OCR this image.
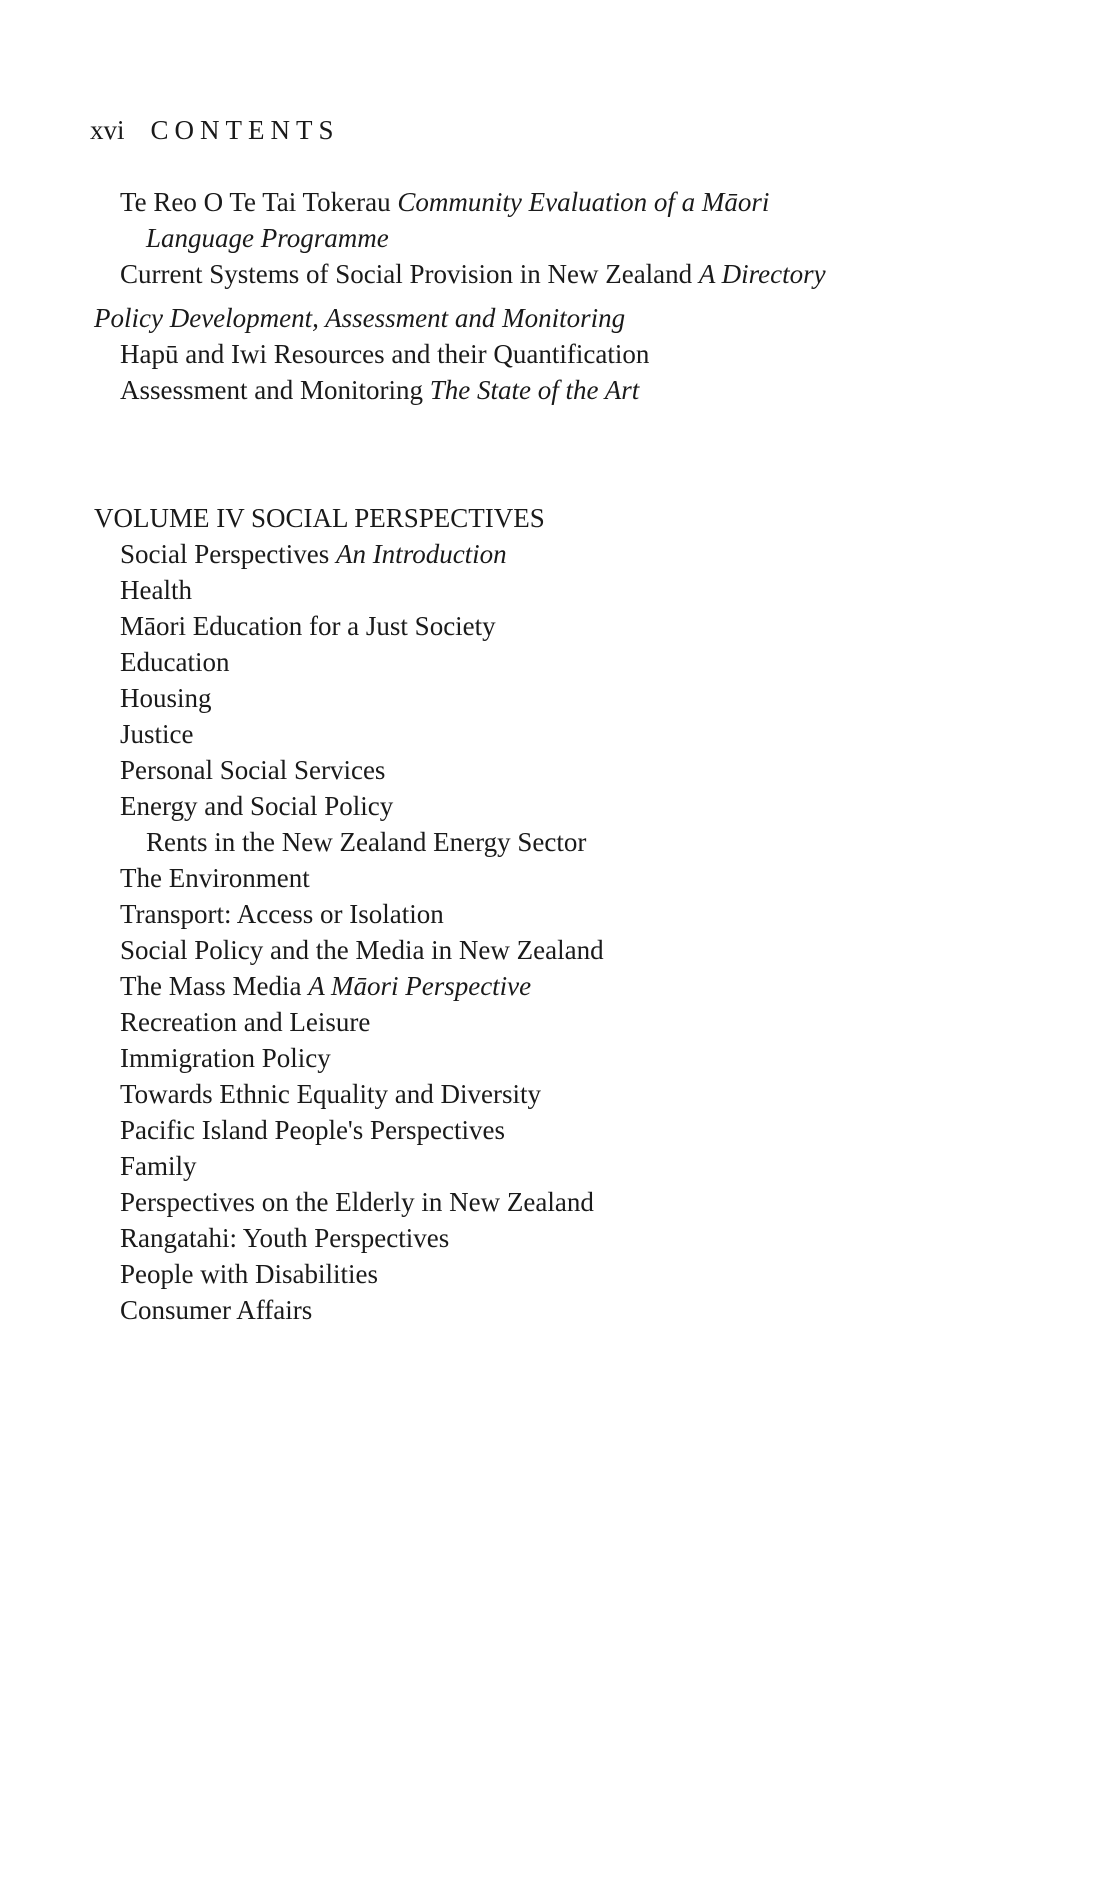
xvi CONTENTS
Te Reo O Te Tai Tokerau Community Evaluation of a Māori
Language Programme
Current Systems of Social Provision in New Zealand A Directory
Policy Development, Assessment and Monitoring
Hapū and Iwi Resources and their Quantification
Assessment and Monitoring The State of the Art
VOLUME IV SOCIAL PERSPECTIVES
Social Perspectives An Introduction
Health
Māori Education for a Just Society
Education
Housing
Justice
Personal Social Services
Energy and Social Policy
Rents in the New Zealand Energy Sector
The Environment
Transport: Access or Isolation
Social Policy and the Media in New Zealand
The Mass Media A Māori Perspective
Recreation and Leisure
Immigration Policy
Towards Ethnic Equality and Diversity
Pacific Island People's Perspectives
Family
Perspectives on the Elderly in New Zealand
Rangatahi: Youth Perspectives
People with Disabilities
Consumer Affairs
